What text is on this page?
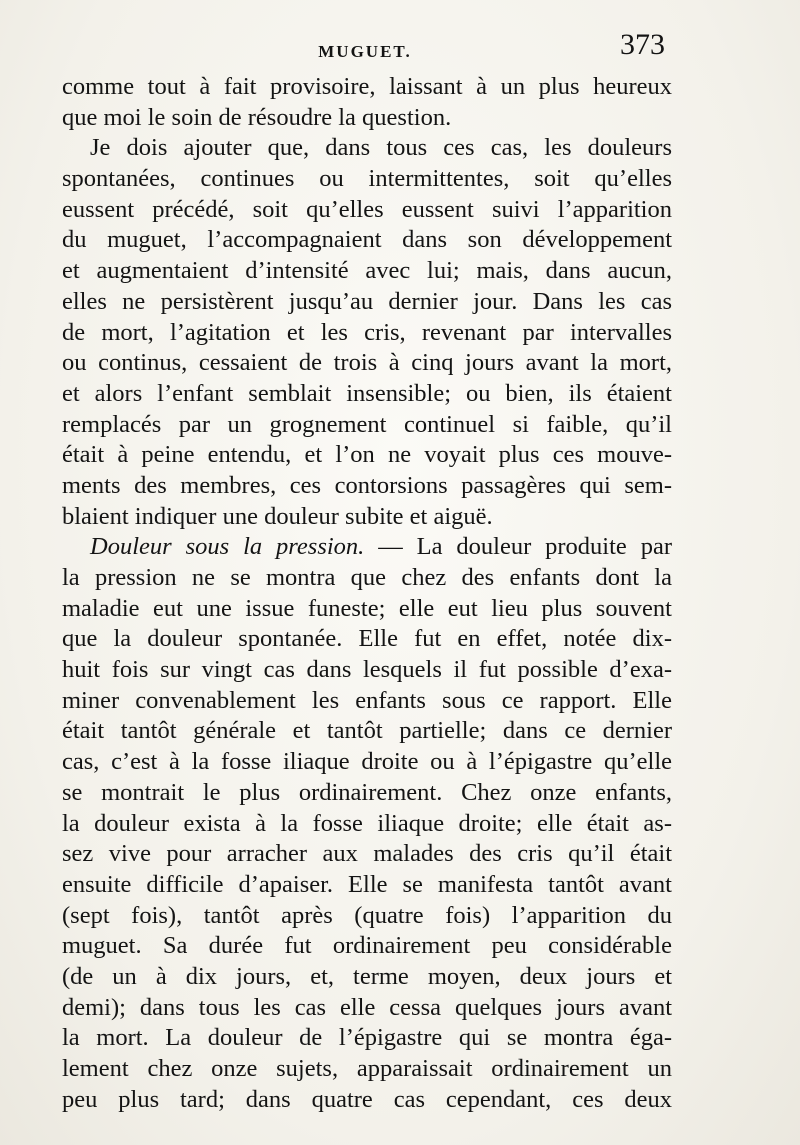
MUGUET.	373
comme tout à fait provisoire, laissant à un plus heureux
que moi le soin de résoudre la question.
Je dois ajouter que, dans tous ces cas, les douleurs
spontanées, continues ou intermittentes, soit qu’elles
eussent précédé, soit qu’elles eussent suivi l’apparition
du muguet, l’accompagnaient dans son développement
et augmentaient d’intensité avec lui; mais, dans aucun,
elles ne persistèrent jusqu’au dernier jour. Dans les cas
de mort, l’agitation et les cris, revenant par intervalles
ou continus, cessaient de trois à cinq jours avant la mort,
et alors l’enfant semblait insensible; ou bien, ils étaient
remplacés par un grognement continuel si faible, qu’il
était à peine entendu, et l’on ne voyait plus ces mouve-
ments des membres, ces contorsions passagères qui sem-
blaient indiquer une douleur subite et aiguë.
Douleur sous la pression. — La douleur produite par
la pression ne se montra que chez des enfants dont la
maladie eut une issue funeste; elle eut lieu plus souvent
que la douleur spontanée. Elle fut en effet, notée dix-
huit fois sur vingt cas dans lesquels il fut possible d’exa-
miner convenablement les enfants sous ce rapport. Elle
était tantôt générale et tantôt partielle; dans ce dernier
cas, c’est à la fosse iliaque droite ou à l’épigastre qu’elle
se montrait le plus ordinairement. Chez onze enfants,
la douleur exista à la fosse iliaque droite; elle était as-
sez vive pour arracher aux malades des cris qu’il était
ensuite difficile d’apaiser. Elle se manifesta tantôt avant
(sept fois), tantôt après (quatre fois) l’apparition du
muguet. Sa durée fut ordinairement peu considérable
(de un à dix jours, et, terme moyen, deux jours et
demi); dans tous les cas elle cessa quelques jours avant
la mort. La douleur de l’épigastre qui se montra éga-
lement chez onze sujets, apparaissait ordinairement un
peu plus tard; dans quatre cas cependant, ces deux
